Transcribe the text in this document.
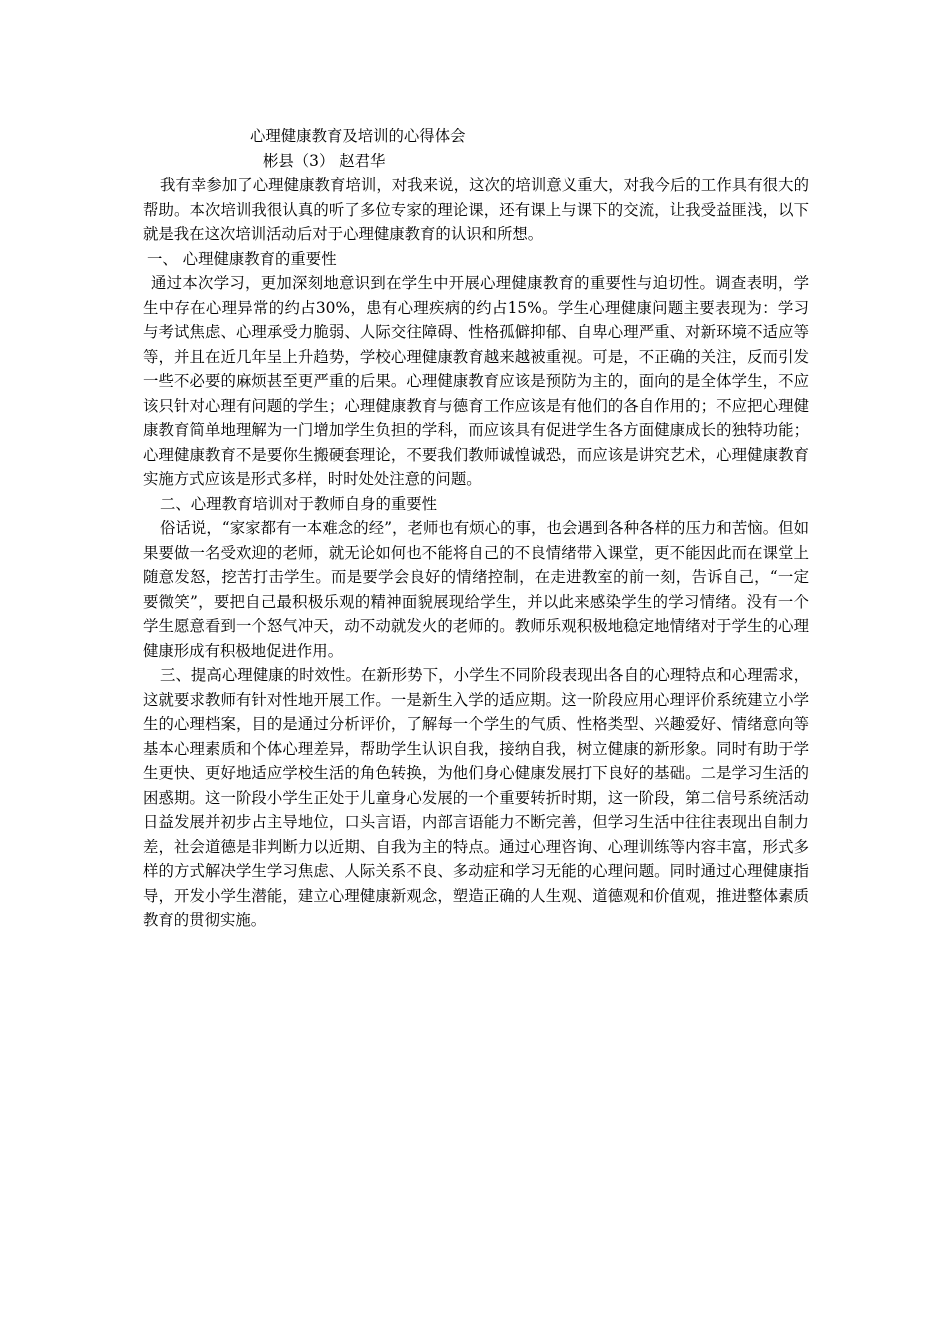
心理健康教育及培训的心得体会

彬县（3） 赵君华

我有幸参加了心理健康教育培训，对我来说，这次的培训意义重大，对我今后的工作具有很大的帮助。本次培训我很认真的听了多位专家的理论课，还有课上与课下的交流，让我受益匪浅，以下就是我在这次培训活动后对于心理健康教育的认识和所想。

一、 心理健康教育的重要性

通过本次学习，更加深刻地意识到在学生中开展心理健康教育的重要性与迫切性。调查表明，学生中存在心理异常的约占30%，患有心理疾病的约占15%。学生心理健康问题主要表现为：学习与考试焦虑、心理承受力脆弱、人际交往障碍、性格孤僻抑郁、自卑心理严重、对新环境不适应等等，并且在近几年呈上升趋势，学校心理健康教育越来越被重视。可是，不正确的关注，反而引发一些不必要的麻烦甚至更严重的后果。心理健康教育应该是预防为主的，面向的是全体学生，不应该只针对心理有问题的学生；心理健康教育与德育工作应该是有他们的各自作用的；不应把心理健康教育简单地理解为一门增加学生负担的学科，而应该具有促进学生各方面健康成长的独特功能；心理健康教育不是要你生搬硬套理论，不要我们教师诚惶诚恐，而应该是讲究艺术，心理健康教育实施方式应该是形式多样，时时处处注意的问题。

二、心理教育培训对于教师自身的重要性

俗话说，“家家都有一本难念的经”，老师也有烦心的事，也会遇到各种各样的压力和苦恼。但如果要做一名受欢迎的老师，就无论如何也不能将自己的不良情绪带入课堂，更不能因此而在课堂上随意发怒，挖苦打击学生。而是要学会良好的情绪控制，在走进教室的前一刻，告诉自己，“一定要微笑”，要把自己最积极乐观的精神面貌展现给学生，并以此来感染学生的学习情绪。没有一个学生愿意看到一个怒气冲天，动不动就发火的老师的。教师乐观积极地稳定地情绪对于学生的心理健康形成有积极地促进作用。

三、提高心理健康的时效性。在新形势下，小学生不同阶段表现出各自的心理特点和心理需求，这就要求教师有针对性地开展工作。一是新生入学的适应期。这一阶段应用心理评价系统建立小学生的心理档案，目的是通过分析评价，了解每一个学生的气质、性格类型、兴趣爱好、情绪意向等基本心理素质和个体心理差异，帮助学生认识自我，接纳自我，树立健康的新形象。同时有助于学生更快、更好地适应学校生活的角色转换，为他们身心健康发展打下良好的基础。二是学习生活的困惑期。这一阶段小学生正处于儿童身心发展的一个重要转折时期，这一阶段，第二信号系统活动日益发展并初步占主导地位，口头言语，内部言语能力不断完善，但学习生活中往往表现出自制力差，社会道德是非判断力以近期、自我为主的特点。通过心理咨询、心理训练等内容丰富，形式多样的方式解决学生学习焦虑、人际关系不良、多动症和学习无能的心理问题。同时通过心理健康指导，开发小学生潜能，建立心理健康新观念，塑造正确的人生观、道德观和价值观，推进整体素质教育的贯彻实施。
